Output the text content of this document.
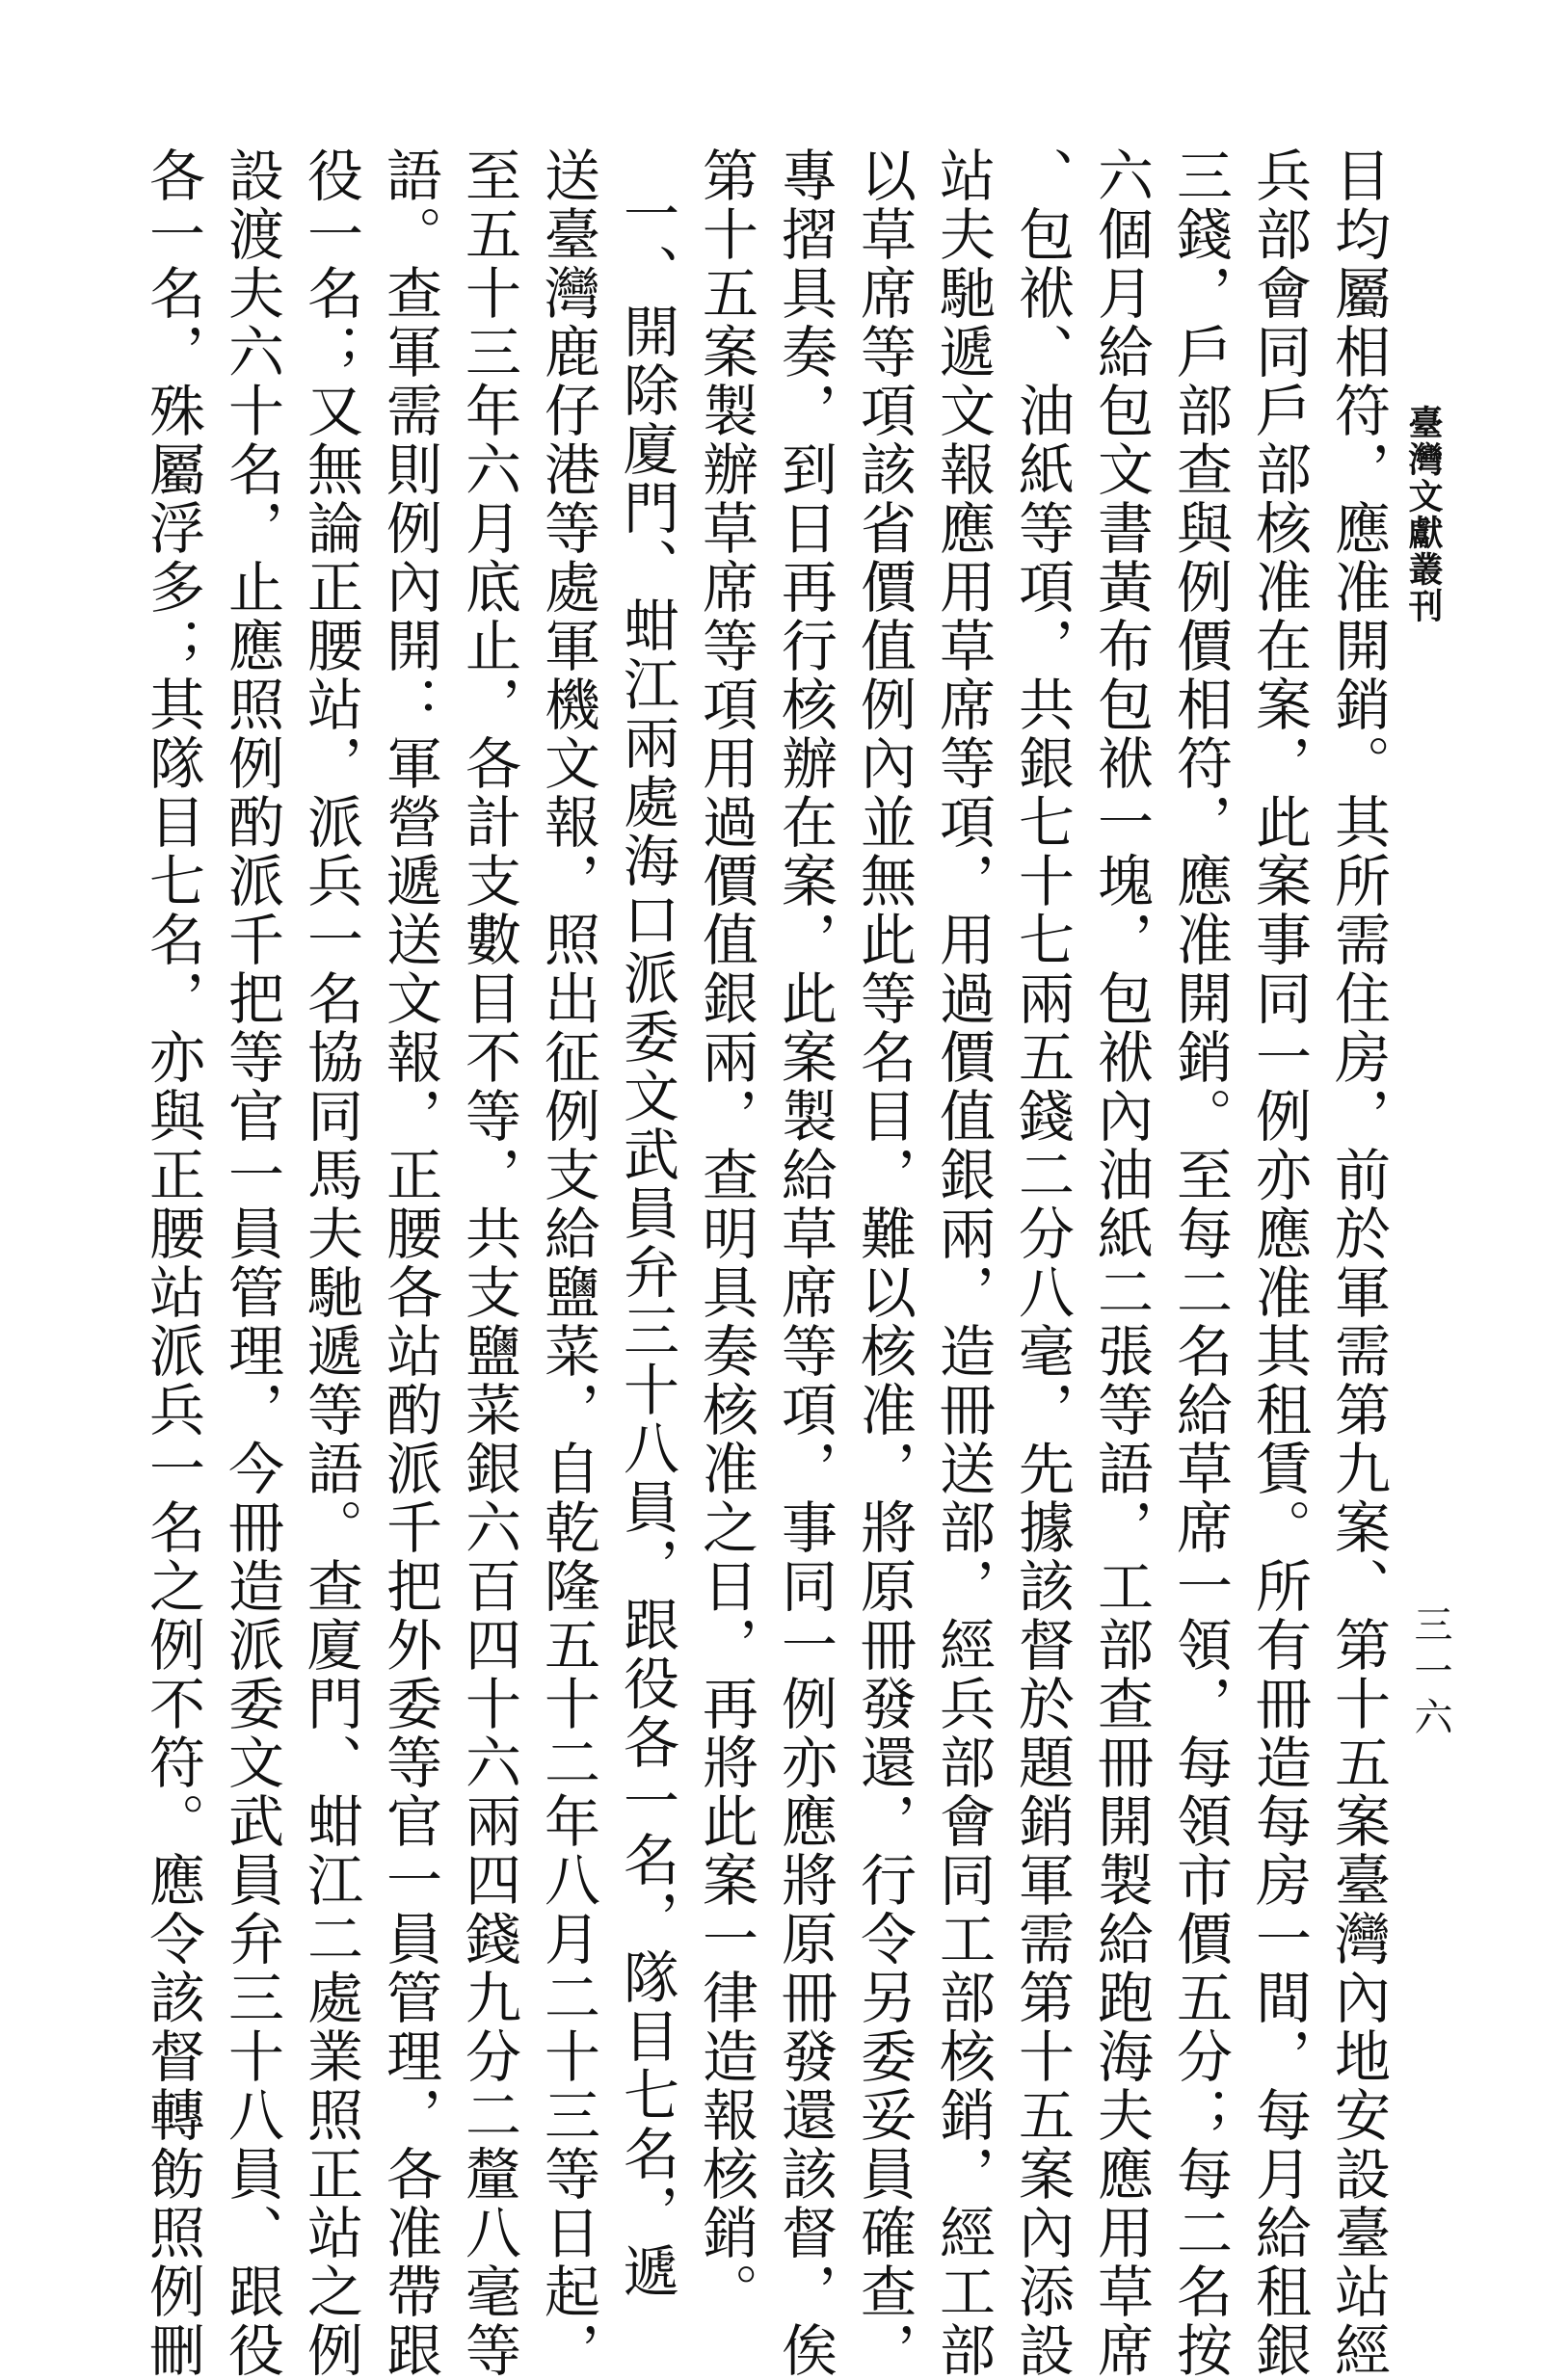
臺灣文獻叢刊
三一六
目均屬相符，應准開銷。其所需住房，前於軍需第九案、第十五案臺灣內地安設臺站經
兵部會同戶部核准在案，此案事同一例亦應准其租賃。所有冊造每房一間，每月給租銀
三錢，戶部查與例價相符，應准開銷。至每二名給草席一領，每領市價五分；每二名按
六個月給包文書黃布包袱一塊，包袱內油紙二張等語，工部查冊開製給跑海夫應用草席
、包袱、油紙等項，共銀七十七兩五錢二分八毫，先據該督於題銷軍需第十五案內添設
站夫馳遞文報應用草席等項，用過價值銀兩，造冊送部，經兵部會同工部核銷，經工部
以草席等項該省價值例內並無此等名目，難以核准，將原冊發還，行令另委妥員確查，
專摺具奏，到日再行核辦在案，此案製給草席等項，事同一例亦應將原冊發還該督，俟
第十五案製辦草席等項用過價值銀兩，查明具奏核准之日，再將此案一律造報核銷。
一、開除廈門、蚶江兩處海口派委文武員弁三十八員，跟役各一名，隊目七名，遞
送臺灣鹿仔港等處軍機文報，照出征例支給鹽菜，自乾隆五十二年八月二十三等日起，
至五十三年六月底止，各計支數目不等，共支鹽菜銀六百四十六兩四錢九分二釐八毫等
語。查軍需則例內開：軍營遞送文報，正腰各站酌派千把外委等官一員管理，各准帶跟
役一名；又無論正腰站，派兵一名協同馬夫馳遞等語。查廈門、蚶江二處業照正站之例
設渡夫六十名，止應照例酌派千把等官一員管理，今冊造派委文武員弁三十八員、跟役
各一名，殊屬浮多；其隊目七名，亦與正腰站派兵一名之例不符。應令該督轉飭照例刪
